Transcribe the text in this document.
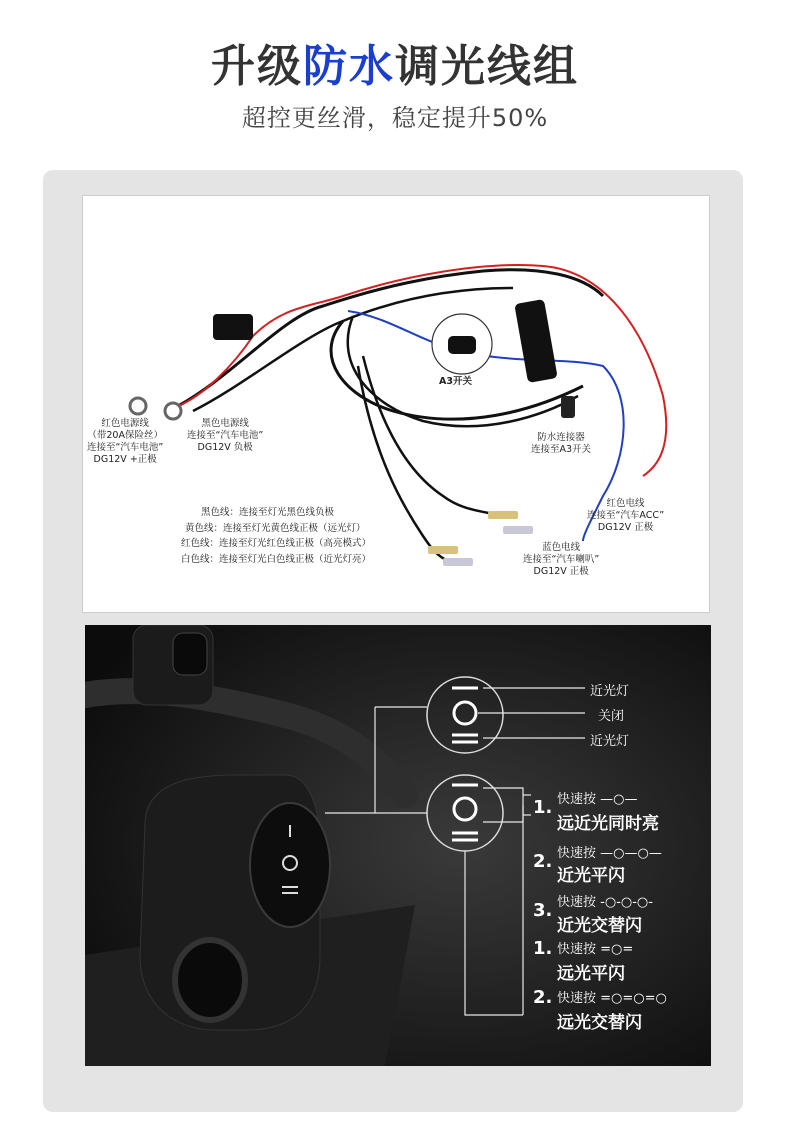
升级防水调光线组
超控更丝滑，稳定提升50%
红色电源线
（带20A保险丝）
连接至“汽车电池”
DG12V +正极
黑色电源线
连接至“汽车电池”
DG12V 负极
A3开关
防水连接器
连接至A3开关
红色电线
连接至“汽车ACC”
DG12V 正极
蓝色电线
连接至“汽车喇叭”
DG12V 正极
黑色线：连接至灯光黑色线负极
黄色线：连接至灯光黄色线正极（远光灯）
红色线：连接至灯光红色线正极（高亮模式）
白色线：连接至灯光白色线正极（近光灯亮）
近光灯
关闭
近光灯
1. 快速按 —○—
远近光同时亮
2. 快速按 —○—○—
近光平闪
3. 快速按 -○-○-○-
近光交替闪
1. 快速按 =○=
远光平闪
2. 快速按 =○=○=○
远光交替闪
